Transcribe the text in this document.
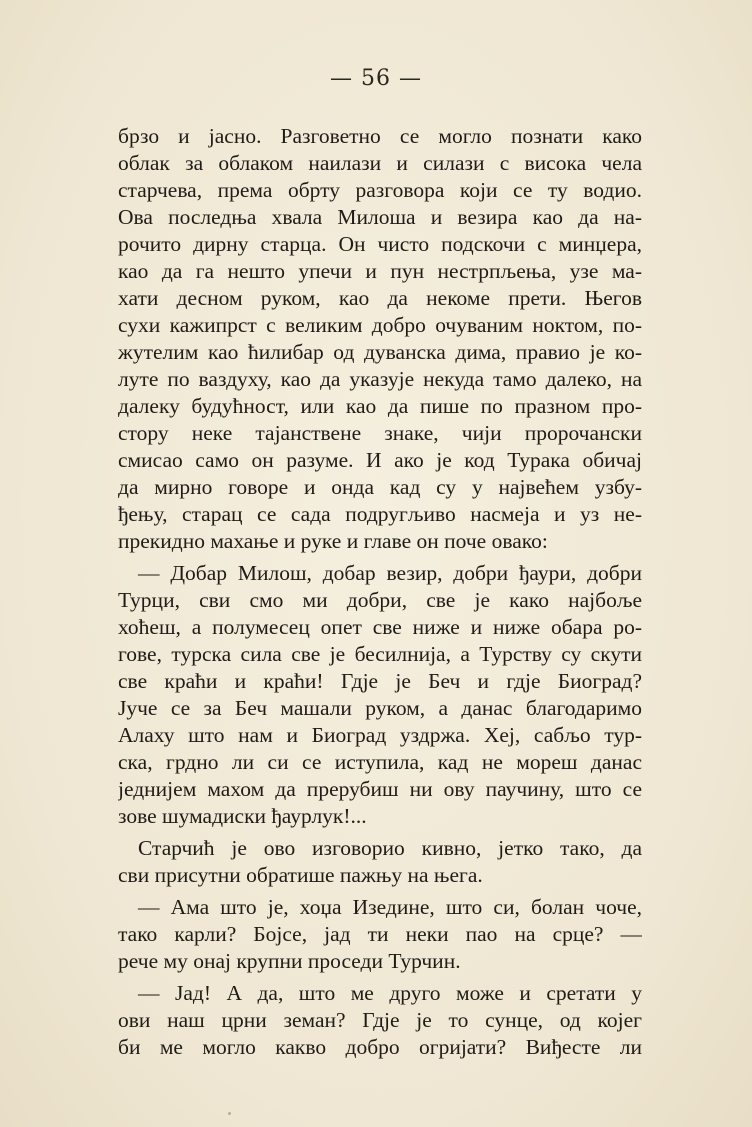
— 56 —

брзо и јасно. Разговетно се могло познати како
облак за облаком наилази и силази с висока чела
старчева, према обрту разговора који се ту водио.
Ова последња хвала Милоша и везира као да на-
рочито дирну старца. Он чисто подскочи с минџера,
као да га нешто упечи и пун нестрпљења, узе ма-
хати десном руком, као да некоме прети. Његов
сухи кажипрст с великим добро очуваним ноктом, по-
жутелим као ћилибар од дуванска дима, правио је ко-
луте по ваздуху, као да указује некуда тамо далеко, на
далеку будућност, или као да пише по празном про-
стору неке тајанствене знаке, чији пророчански
смисао само он разуме. И ако је код Турака обичај
да мирно говоре и онда кад су у највећем узбу-
ђењу, старац се сада подругљиво насмеја и уз не-
прекидно махање и руке и главе он поче овако:

— Добар Милош, добар везир, добри ђаури, добри
Турци, сви смо ми добри, све је како најбоље
хоћеш, а полумесец опет све ниже и ниже обара ро-
гове, турска сила све је бесилнија, а Турству су скути
све краћи и краћи! Гдје је Беч и гдје Биоград?
Јуче се за Беч машали руком, а данас благодаримо
Алаху што нам и Биоград уздржа. Хеј, сабљо тур-
ска, грдно ли си се иступила, кад не мореш данас
једнијем махом да прерубиш ни ову паучину, што се
зове шумадиски ђаурлук!...

Старчић је ово изговорио кивно, јетко тако, да
сви присутни обратише пажњу на њега.

— Ама што је, хоџа Изедине, што си, болан чоче,
тако карли? Бојсе, јад ти неки пао на срце? —
рече му онај крупни проседи Турчин.

— Јад! А да, што ме друго може и сретати у
ови наш црни земан? Гдје је то сунце, од којег
би ме могло какво добро огријати? Виђесте ли
